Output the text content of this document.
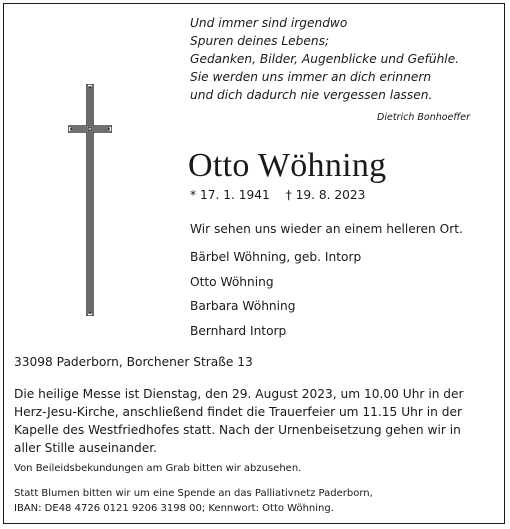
Und immer sind irgendwo
Spuren deines Lebens;
Gedanken, Bilder, Augenblicke und Gefühle.
Sie werden uns immer an dich erinnern
und dich dadurch nie vergessen lassen.
Dietrich Bonhoeffer
Otto Wöhning
* 17. 1. 1941 † 19. 8. 2023
Wir sehen uns wieder an einem helleren Ort.
Bärbel Wöhning, geb. Intorp
Otto Wöhning
Barbara Wöhning
Bernhard Intorp
33098 Paderborn, Borchener Straße 13
Die heilige Messe ist Dienstag, den 29. August 2023, um 10.00 Uhr in der
Herz-Jesu-Kirche, anschließend findet die Trauerfeier um 11.15 Uhr in der
Kapelle des Westfriedhofes statt. Nach der Urnenbeisetzung gehen wir in
aller Stille auseinander.
Von Beileidsbekundungen am Grab bitten wir abzusehen.
Statt Blumen bitten wir um eine Spende an das Palliativnetz Paderborn,
IBAN: DE48 4726 0121 9206 3198 00; Kennwort: Otto Wöhning.
